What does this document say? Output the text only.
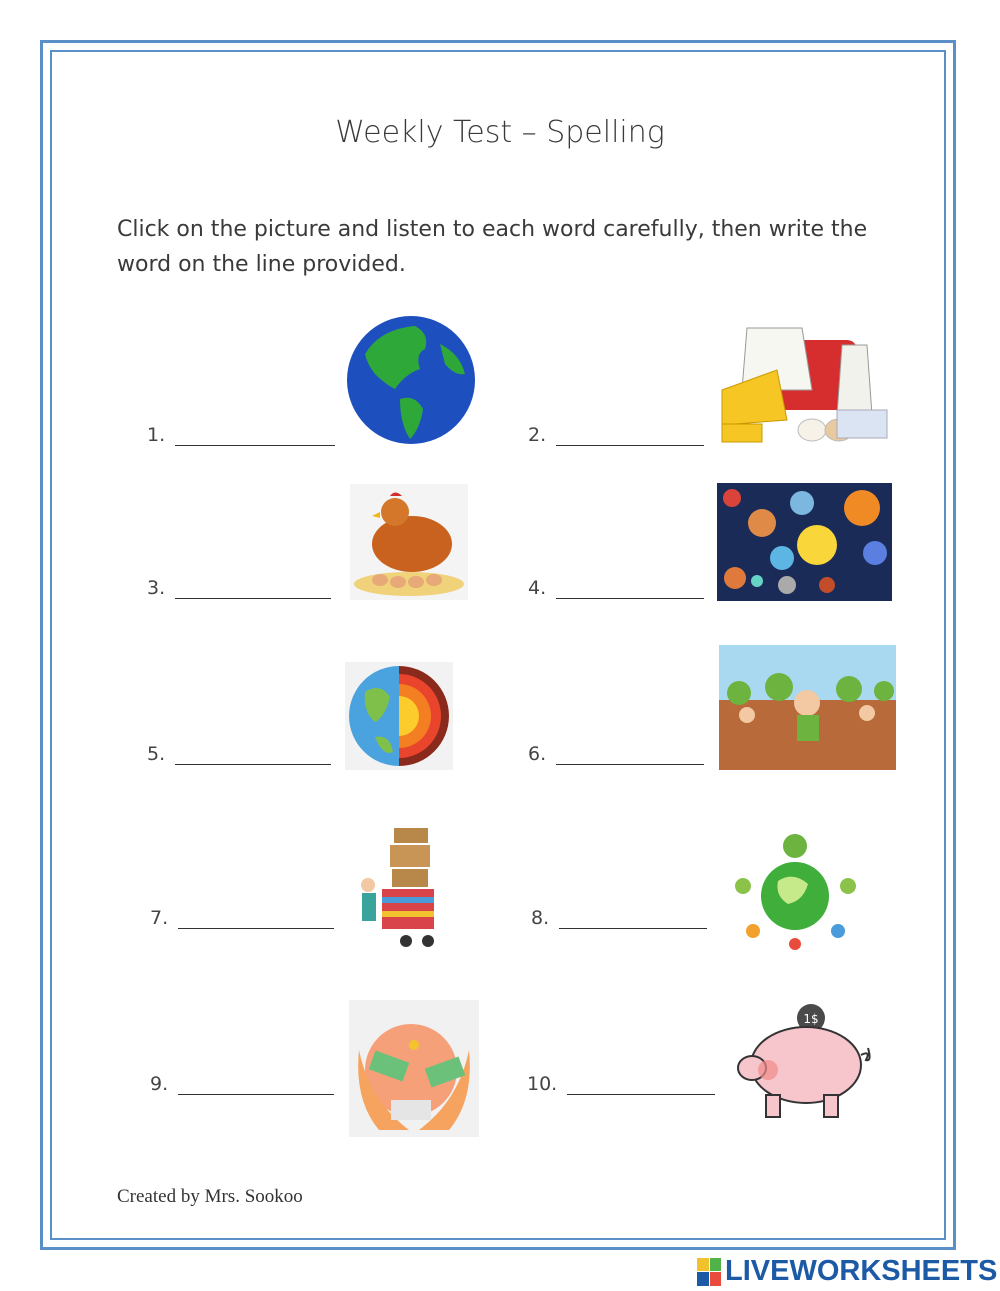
Weekly Test – Spelling
Click on the picture and listen to each word carefully, then write the word on the line provided.
1.	2.
3.	4.
5.	6.
7.	8.
9.	10.
1$
Created by Mrs. Sookoo
LIVEWORKSHEETS
